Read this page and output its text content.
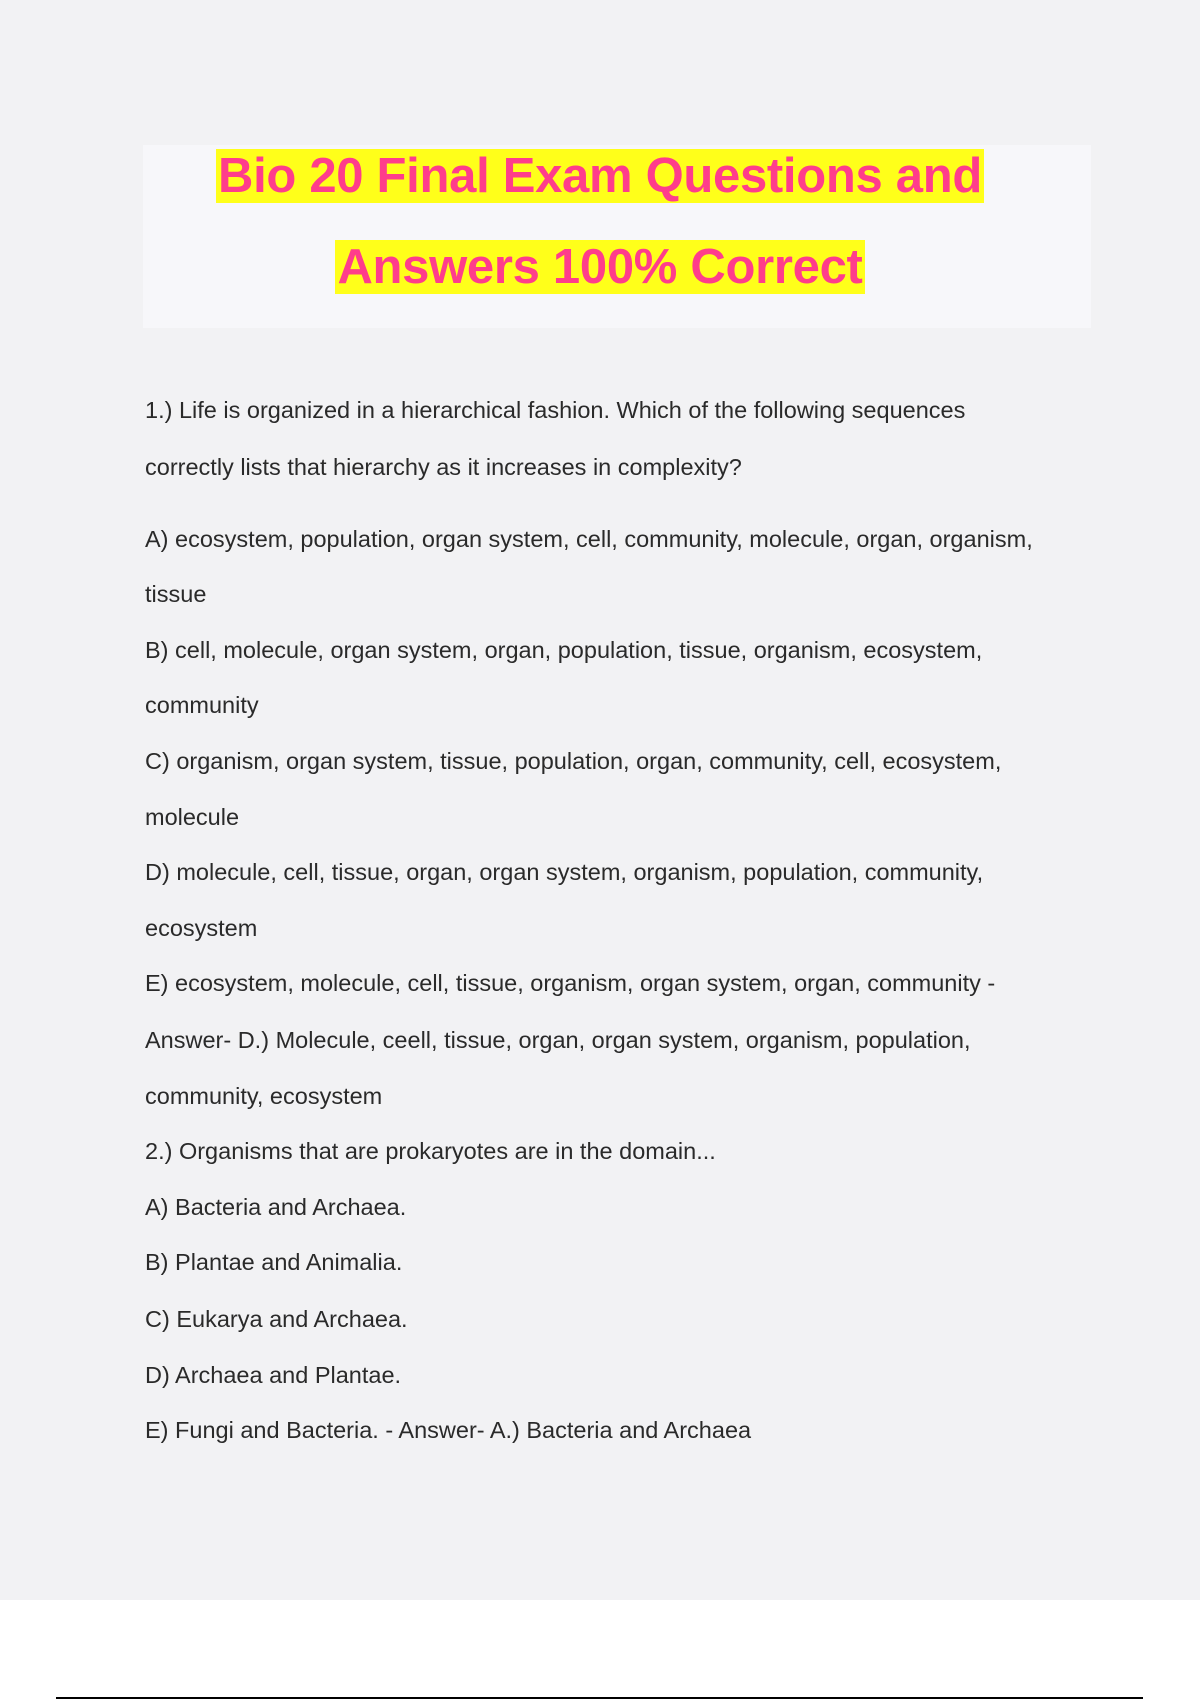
Bio 20 Final Exam Questions and
Answers 100% Correct
1.) Life is organized in a hierarchical fashion. Which of the following sequences
correctly lists that hierarchy as it increases in complexity?
A) ecosystem, population, organ system, cell, community, molecule, organ, organism,
tissue
B) cell, molecule, organ system, organ, population, tissue, organism, ecosystem,
community
C) organism, organ system, tissue, population, organ, community, cell, ecosystem,
molecule
D) molecule, cell, tissue, organ, organ system, organism, population, community,
ecosystem
E) ecosystem, molecule, cell, tissue, organism, organ system, organ, community -
Answer- D.) Molecule, ceell, tissue, organ, organ system, organism, population,
community, ecosystem
2.) Organisms that are prokaryotes are in the domain...
A) Bacteria and Archaea.
B) Plantae and Animalia.
C) Eukarya and Archaea.
D) Archaea and Plantae.
E) Fungi and Bacteria. - Answer- A.) Bacteria and Archaea
